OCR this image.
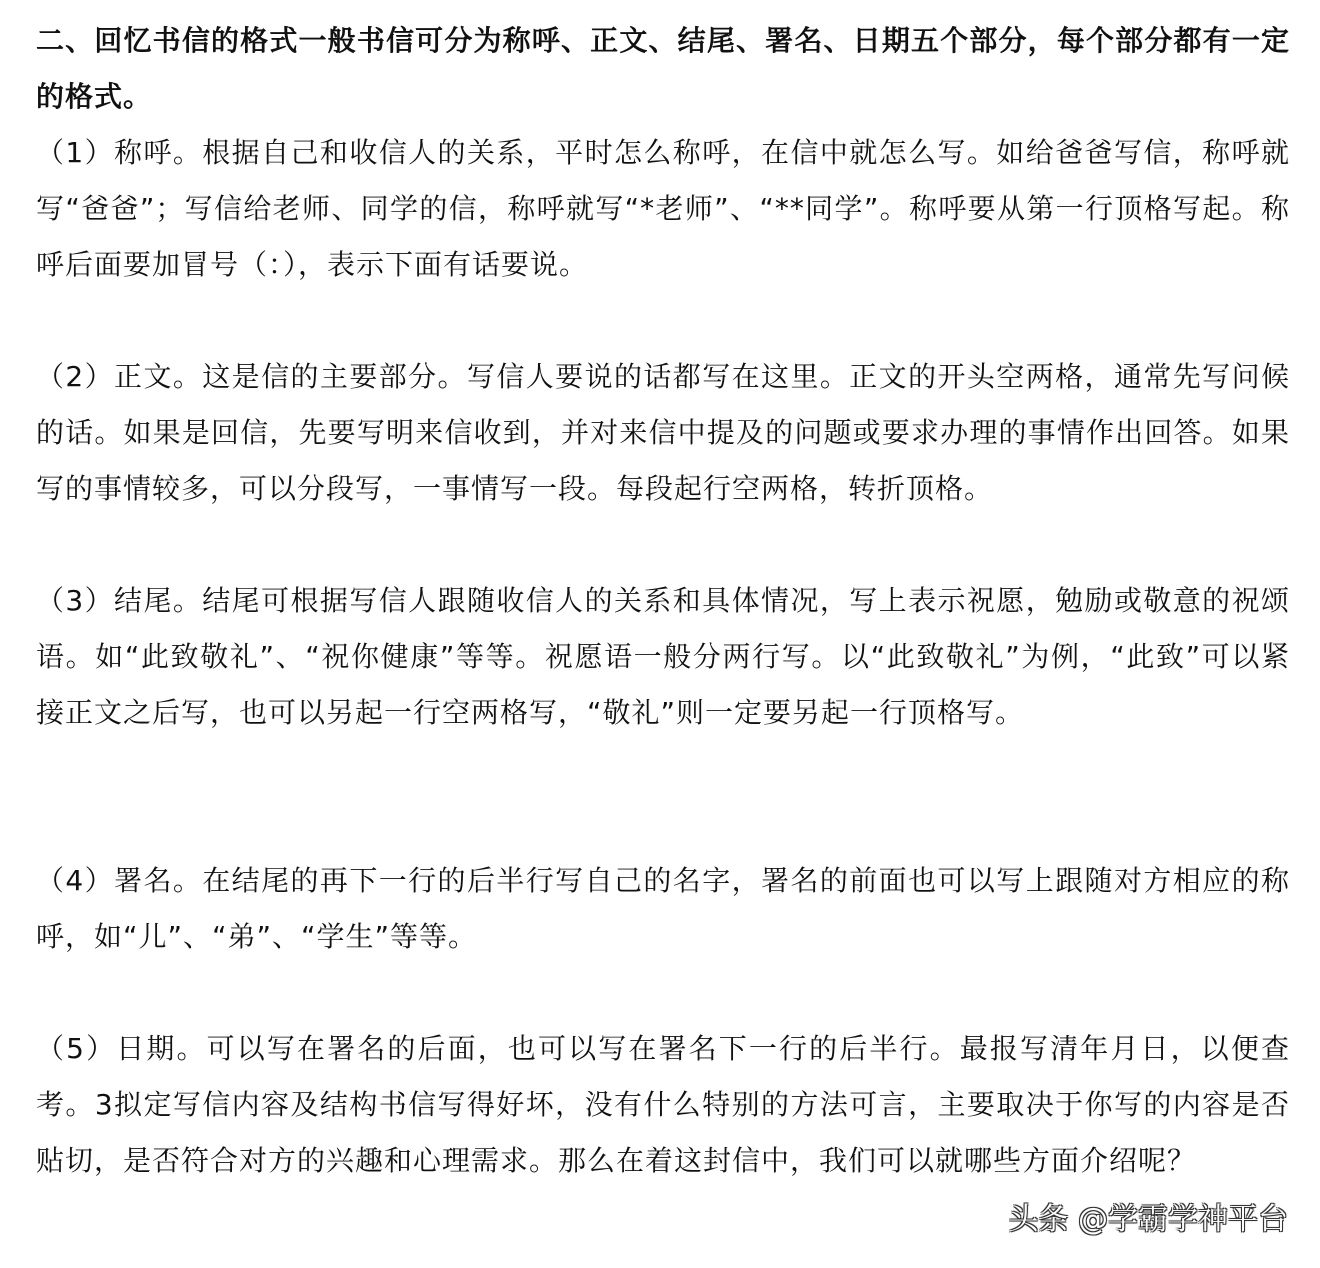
二、回忆书信的格式一般书信可分为称呼、正文、结尾、署名、日期五个部分，每个部分都有一定的格式。

（1）称呼。根据自己和收信人的关系，平时怎么称呼，在信中就怎么写。如给爸爸写信，称呼就写“爸爸”；写信给老师、同学的信，称呼就写“*老师”、“**同学”。称呼要从第一行顶格写起。称呼后面要加冒号（：），表示下面有话要说。

（2）正文。这是信的主要部分。写信人要说的话都写在这里。正文的开头空两格，通常先写问候的话。如果是回信，先要写明来信收到，并对来信中提及的问题或要求办理的事情作出回答。如果写的事情较多，可以分段写，一事情写一段。每段起行空两格，转折顶格。

（3）结尾。结尾可根据写信人跟随收信人的关系和具体情况，写上表示祝愿，勉励或敬意的祝颂语。如“此致敬礼”、“祝你健康”等等。祝愿语一般分两行写。以“此致敬礼”为例，“此致”可以紧接正文之后写，也可以另起一行空两格写，“敬礼”则一定要另起一行顶格写。

（4）署名。在结尾的再下一行的后半行写自己的名字，署名的前面也可以写上跟随对方相应的称呼，如“儿”、“弟”、“学生”等等。

（5）日期。可以写在署名的后面，也可以写在署名下一行的后半行。最报写清年月日，以便查考。3拟定写信内容及结构书信写得好坏，没有什么特别的方法可言，主要取决于你写的内容是否贴切，是否符合对方的兴趣和心理需求。那么在着这封信中，我们可以就哪些方面介绍呢？

头条 @学霸学神平台
